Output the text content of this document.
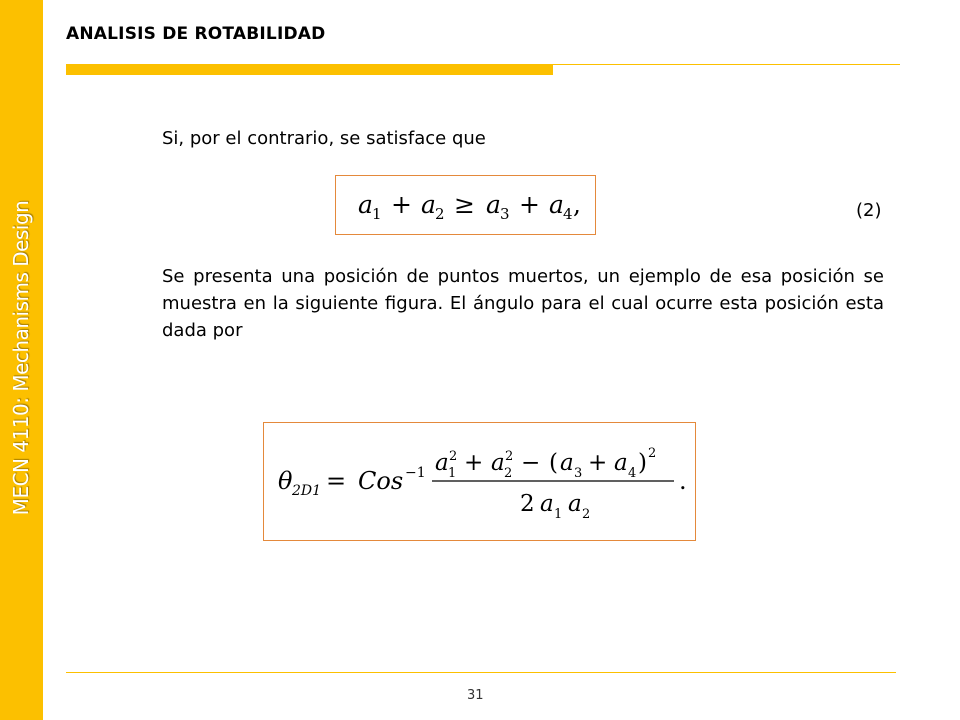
MECN 4110: Mechanisms Design
ANALISIS DE ROTABILIDAD
Si, por el contrario, se satisface que
a 1 + a 2 ≥ a 3 + a 4 ,	(2)
Se presenta una posición de puntos muertos, un ejemplo de esa posición se muestra en la siguiente figura. El ángulo para el cual ocurre esta posición esta dada por
θ 2D1 = Cos −1 a 2
1 + a 2
2 − ( a 3 + a 4 ) 2
2 a 1 a 2
.
31
